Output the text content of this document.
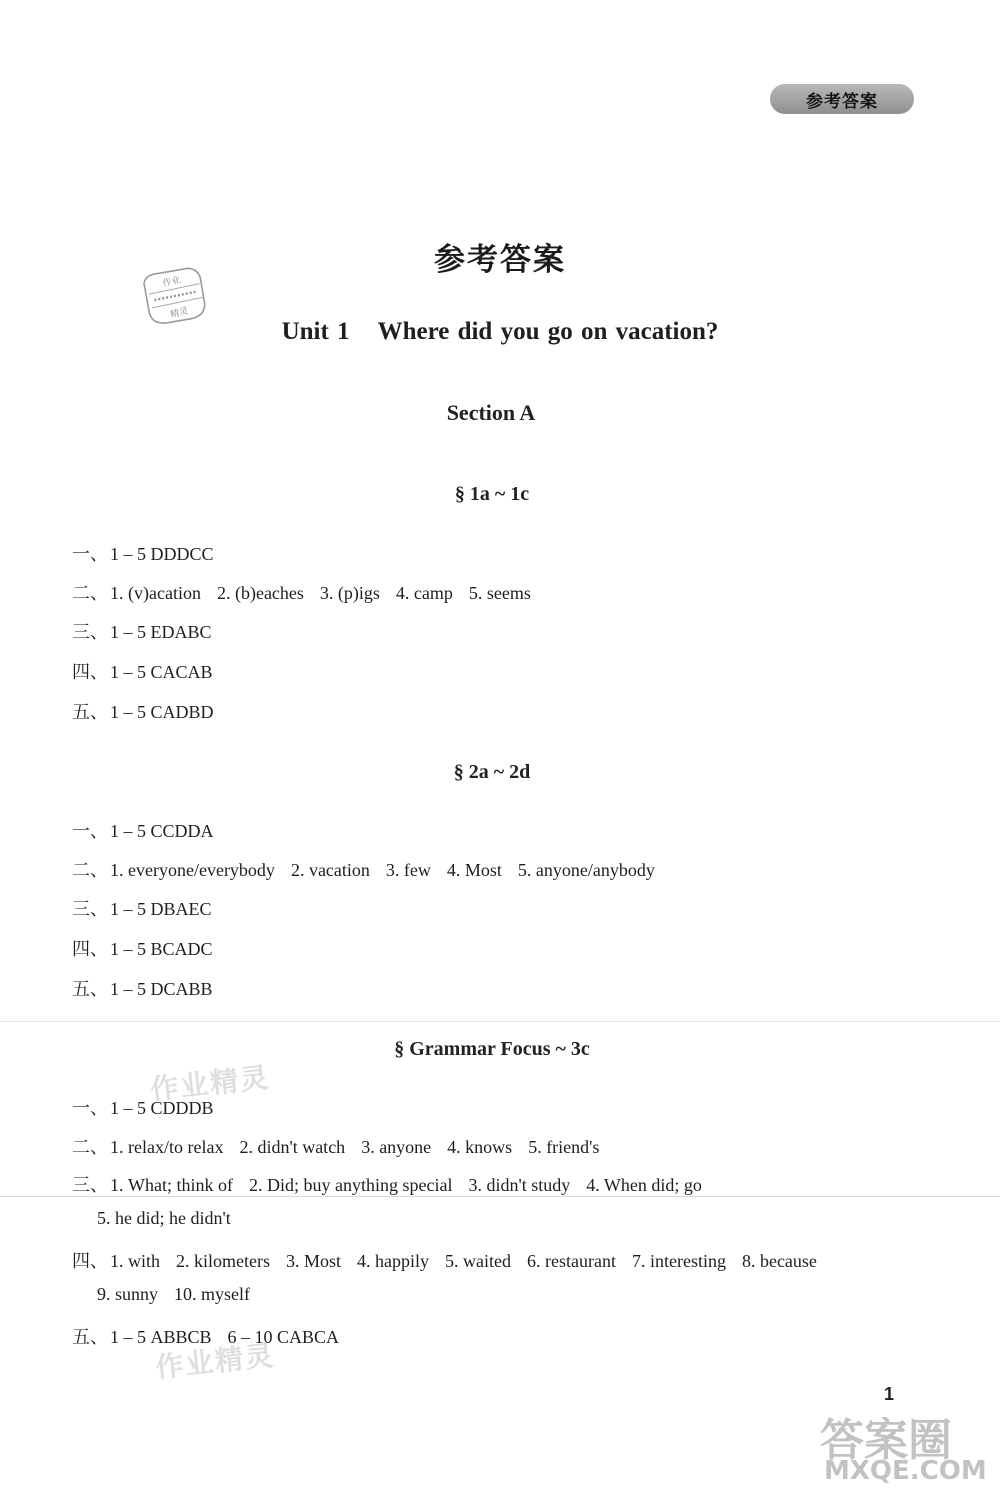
参考答案
参考答案
作业
精灵
Unit 1 Where did you go on vacation?
Section A
§ 1a ~ 1c
一、 1 – 5 DDDCC
二、 1. (v)acation 2. (b)eaches 3. (p)igs 4. camp 5. seems
三、 1 – 5 EDABC
四、 1 – 5 CACAB
五、 1 – 5 CADBD
§ 2a ~ 2d
一、 1 – 5 CCDDA
二、 1. everyone/everybody 2. vacation 3. few 4. Most 5. anyone/anybody
三、 1 – 5 DBAEC
四、 1 – 5 BCADC
五、 1 – 5 DCABB
§ Grammar Focus ~ 3c
一、 1 – 5 CDDDB
二、 1. relax/to relax 2. didn't watch 3. anyone 4. knows 5. friend's
三、 1. What; think of 2. Did; buy anything special 3. didn't study 4. When did; go
5. he did; he didn't
四、 1. with 2. kilometers 3. Most 4. happily 5. waited 6. restaurant 7. interesting 8. because
9. sunny 10. myself
五、 1 – 5 ABBCB 6 – 10 CABCA
作业精灵
作业精灵
1
答案圈
MXQE.COM
